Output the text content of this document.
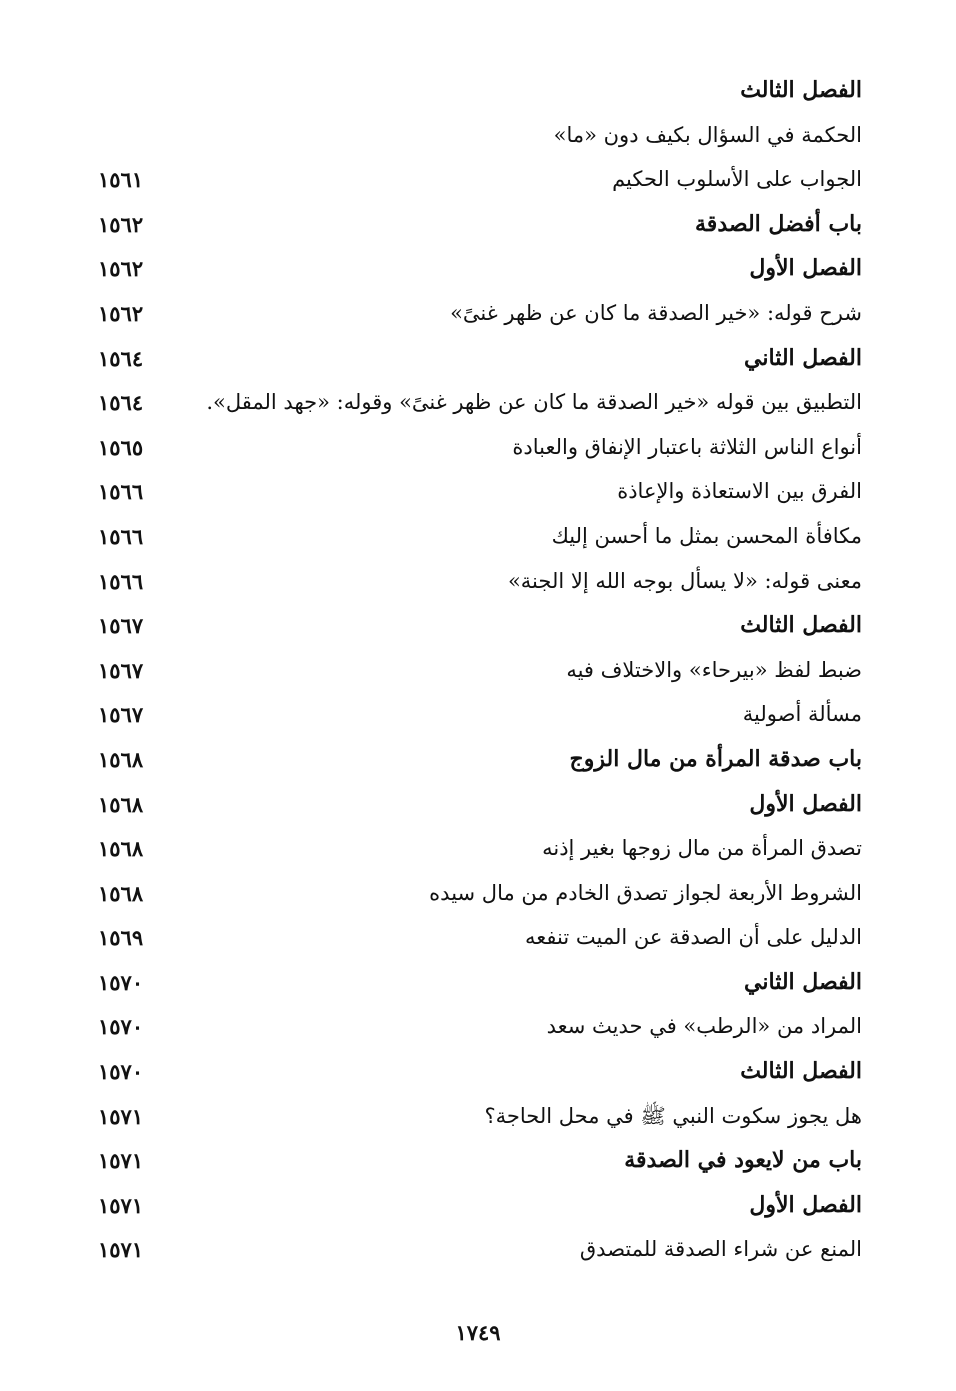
الفصل الثالث
الحكمة في السؤال بكيف دون «ما»
الجواب على الأسلوب الحكيم
١٥٦١
باب أفضل الصدقة
١٥٦٢
الفصل الأول
١٥٦٢
شرح قوله: «خير الصدقة ما كان عن ظهر غنىً»
١٥٦٢
الفصل الثاني
١٥٦٤
التطبيق بين قوله «خير الصدقة ما كان عن ظهر غنىً» وقوله: «جهد المقل».
١٥٦٤
أنواع الناس الثلاثة باعتبار الإنفاق والعبادة
١٥٦٥
الفرق بين الاستعاذة والإعاذة
١٥٦٦
مكافأة المحسن بمثل ما أحسن إليك
١٥٦٦
معنى قوله: «لا يسأل بوجه الله إلا الجنة»
١٥٦٦
الفصل الثالث
١٥٦٧
ضبط لفظ «بيرحاء» والاختلاف فيه
١٥٦٧
مسألة أصولية
١٥٦٧
باب صدقة المرأة من مال الزوج
١٥٦٨
الفصل الأول
١٥٦٨
تصدق المرأة من مال زوجها بغير إذنه
١٥٦٨
الشروط الأربعة لجواز تصدق الخادم من مال سيده
١٥٦٨
الدليل على أن الصدقة عن الميت تنفعه
١٥٦٩
الفصل الثاني
١٥٧٠
المراد من «الرطب» في حديث سعد
١٥٧٠
الفصل الثالث
١٥٧٠
هل يجوز سكوت النبي ﷺ في محل الحاجة؟
١٥٧١
باب من لايعود في الصدقة
١٥٧١
الفصل الأول
١٥٧١
المنع عن شراء الصدقة للمتصدق
١٥٧١
١٧٤٩
